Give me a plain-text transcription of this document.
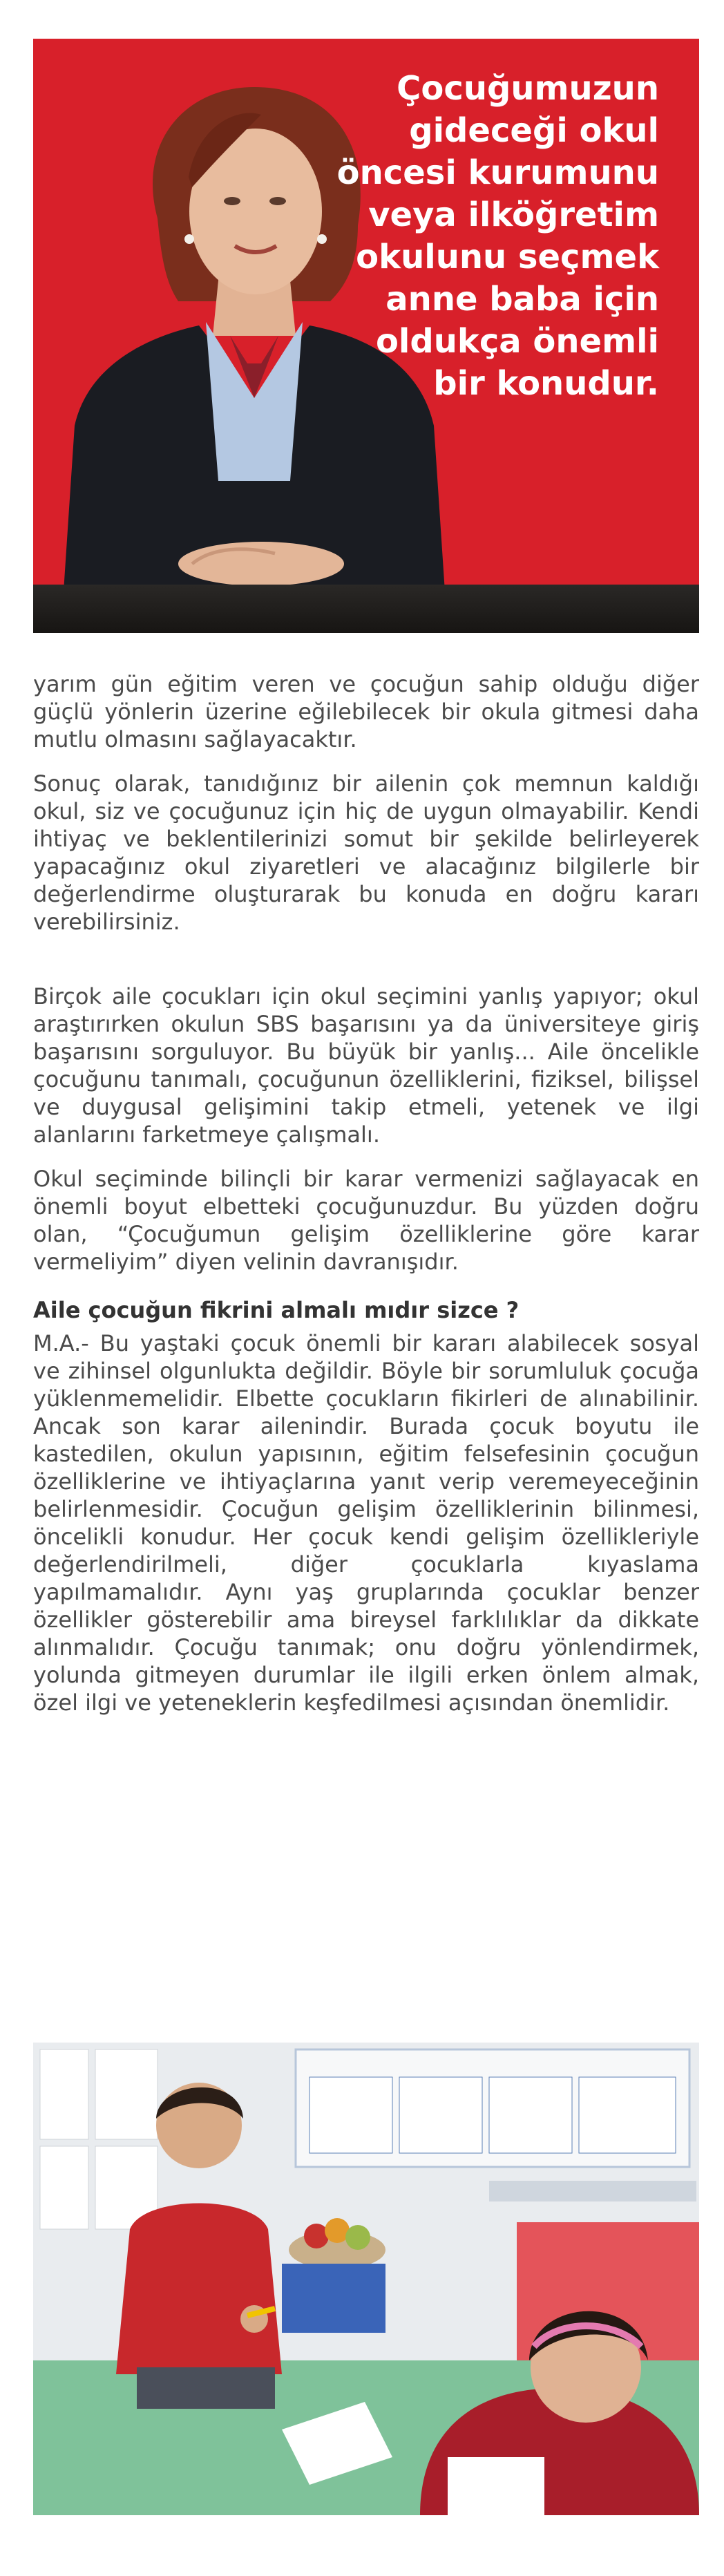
Çocuğumuzun gideceği okul öncesi kurumunu veya ilköğretim okulunu seçmek anne baba için oldukça önemli bir konudur.

yarım gün eğitim veren ve çocuğun sahip olduğu diğer güçlü yönlerin üzerine eğilebilecek bir okula gitmesi daha mutlu olmasını sağlayacaktır.

Sonuç olarak, tanıdığınız bir ailenin çok memnun kaldığı okul, siz ve çocuğunuz için hiç de uygun olmayabilir. Kendi ihtiyaç ve beklentilerinizi somut bir şekilde belirleyerek yapacağınız okul ziyaretleri ve alacağınız bilgilerle bir değerlendirme oluşturarak bu konuda en doğru kararı verebilirsiniz.

Birçok aile çocukları için okul seçimini yanlış yapıyor; okul araştırırken okulun SBS başarısını ya da üniversiteye giriş başarısını sorguluyor. Bu büyük bir yanlış... Aile öncelikle çocuğunu tanımalı, çocuğunun özelliklerini, fiziksel, bilişsel ve duygusal gelişimini takip etmeli, yetenek ve ilgi alanlarını farketmeye çalışmalı.

Okul seçiminde bilinçli bir karar vermenizi sağlayacak en önemli boyut elbetteki çocuğunuzdur. Bu yüzden doğru olan, “Çocuğumun gelişim özelliklerine göre karar vermeliyim” diyen velinin davranışıdır.

Aile çocuğun fikrini almalı mıdır sizce ?

M.A.- Bu yaştaki çocuk önemli bir kararı alabilecek sosyal ve zihinsel olgunlukta değildir. Böyle bir sorumluluk çocuğa yüklenmemelidir. Elbette çocukların fikirleri de alınabilinir. Ancak son karar ailenindir. Burada çocuk boyutu ile kastedilen, okulun yapısının, eğitim felsefesinin çocuğun özelliklerine ve ihtiyaçlarına yanıt verip veremeyeceğinin belirlenmesidir. Çocuğun gelişim özelliklerinin bilinmesi, öncelikli konudur. Her çocuk kendi gelişim özellikleriyle değerlendirilmeli, diğer çocuklarla kıyaslama yapılmamalıdır. Aynı yaş gruplarında çocuklar benzer özellikler gösterebilir ama bireysel farklılıklar da dikkate alınmalıdır. Çocuğu tanımak; onu doğru yönlendirmek, yolunda gitmeyen durumlar ile ilgili erken önlem almak, özel ilgi ve yeteneklerin keşfedilmesi açısından önemlidir.
